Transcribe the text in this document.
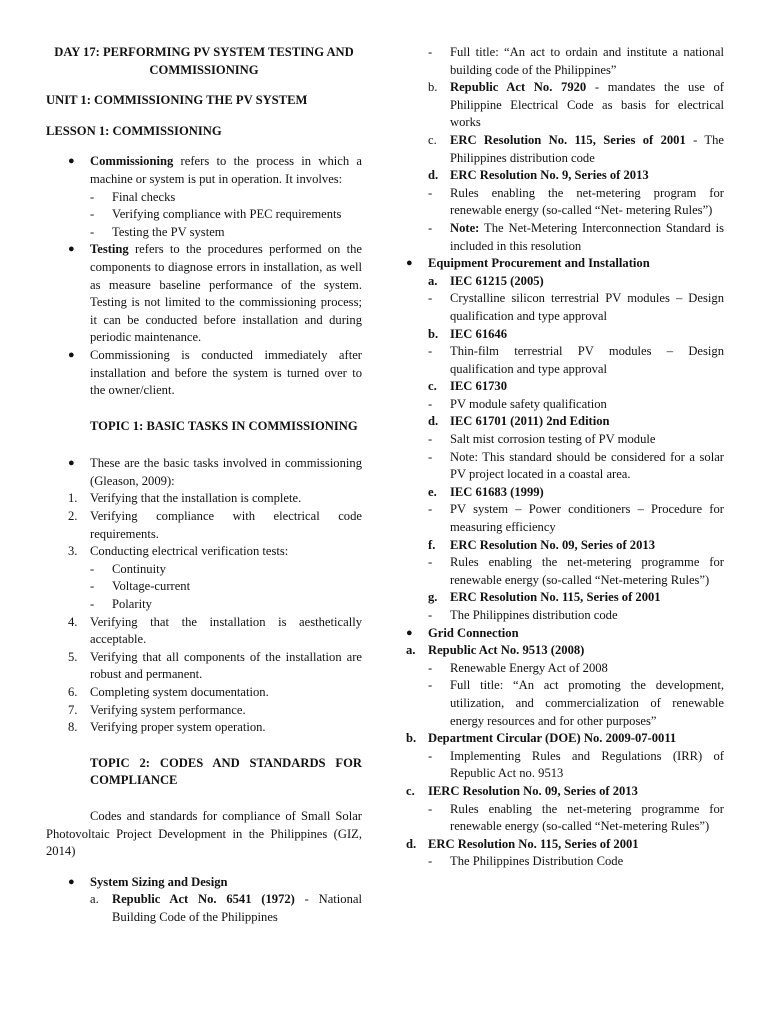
DAY 17: PERFORMING PV SYSTEM TESTING AND COMMISSIONING
UNIT 1: COMMISSIONING THE PV SYSTEM
LESSON 1: COMMISSIONING
● Commissioning refers to the process in which a machine or system is put in operation. It involves:
- Final checks
- Verifying compliance with PEC requirements
- Testing the PV system
● Testing refers to the procedures performed on the components to diagnose errors in installation, as well as measure baseline performance of the system. Testing is not limited to the commissioning process; it can be conducted before installation and during periodic maintenance.
● Commissioning is conducted immediately after installation and before the system is turned over to the owner/client.
TOPIC 1: BASIC TASKS IN COMMISSIONING
● These are the basic tasks involved in commissioning (Gleason, 2009):
1. Verifying that the installation is complete.
2. Verifying compliance with electrical code requirements.
3. Conducting electrical verification tests:
- Continuity
- Voltage-current
- Polarity
4. Verifying that the installation is aesthetically acceptable.
5. Verifying that all components of the installation are robust and permanent.
6. Completing system documentation.
7. Verifying system performance.
8. Verifying proper system operation.
TOPIC 2: CODES AND STANDARDS FOR COMPLIANCE
Codes and standards for compliance of Small Solar Photovoltaic Project Development in the Philippines (GIZ, 2014)
● System Sizing and Design
a. Republic Act No. 6541 (1972) - National Building Code of the Philippines
- Full title: “An act to ordain and institute a national building code of the Philippines”
b. Republic Act No. 7920 - mandates the use of Philippine Electrical Code as basis for electrical works
c. ERC Resolution No. 115, Series of 2001 - The Philippines distribution code
d. ERC Resolution No. 9, Series of 2013
- Rules enabling the net-metering program for renewable energy (so-called “Net- metering Rules”)
- Note: The Net-Metering Interconnection Standard is included in this resolution
● Equipment Procurement and Installation
a. IEC 61215 (2005)
- Crystalline silicon terrestrial PV modules – Design qualification and type approval
b. IEC 61646
- Thin-film terrestrial PV modules – Design qualification and type approval
c. IEC 61730
- PV module safety qualification
d. IEC 61701 (2011) 2nd Edition
- Salt mist corrosion testing of PV module
- Note: This standard should be considered for a solar PV project located in a coastal area.
e. IEC 61683 (1999)
- PV system – Power conditioners – Procedure for measuring efficiency
f. ERC Resolution No. 09, Series of 2013
- Rules enabling the net-metering programme for renewable energy (so-called “Net-metering Rules”)
g. ERC Resolution No. 115, Series of 2001
- The Philippines distribution code
● Grid Connection
a. Republic Act No. 9513 (2008)
- Renewable Energy Act of 2008
- Full title: “An act promoting the development, utilization, and commercialization of renewable energy resources and for other purposes”
b. Department Circular (DOE) No. 2009-07-0011
- Implementing Rules and Regulations (IRR) of Republic Act no. 9513
c. IERC Resolution No. 09, Series of 2013
- Rules enabling the net-metering programme for renewable energy (so-called “Net-metering Rules”)
d. ERC Resolution No. 115, Series of 2001
- The Philippines Distribution Code
